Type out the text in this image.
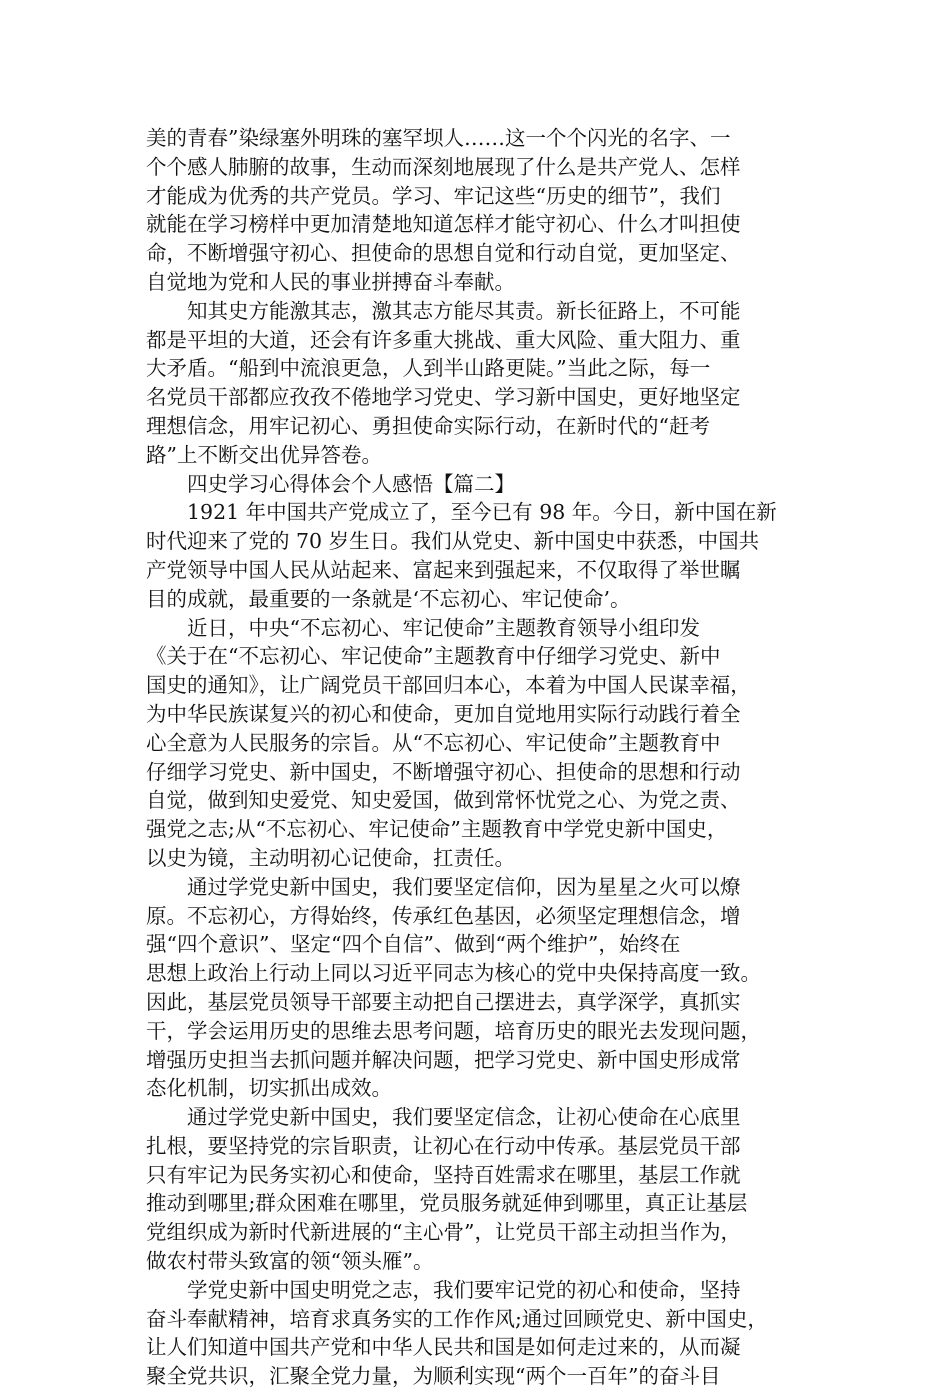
美的青春”染绿塞外明珠的塞罕坝人……这一个个闪光的名字、一
个个感人肺腑的故事，生动而深刻地展现了什么是共产党人、怎样
才能成为优秀的共产党员。学习、牢记这些“历史的细节”，我们
就能在学习榜样中更加清楚地知道怎样才能守初心、什么才叫担使
命，不断增强守初心、担使命的思想自觉和行动自觉，更加坚定、
自觉地为党和人民的事业拼搏奋斗奉献。
　　知其史方能激其志，激其志方能尽其责。新长征路上，不可能
都是平坦的大道，还会有许多重大挑战、重大风险、重大阻力、重
大矛盾。“船到中流浪更急，人到半山路更陡。”当此之际，每一
名党员干部都应孜孜不倦地学习党史、学习新中国史，更好地坚定
理想信念，用牢记初心、勇担使命实际行动，在新时代的“赶考
路”上不断交出优异答卷。
　　四史学习心得体会个人感悟【篇二】
　　1921 年中国共产党成立了，至今已有 98 年。今日，新中国在新
时代迎来了党的 70 岁生日。我们从党史、新中国史中获悉，中国共
产党领导中国人民从站起来、富起来到强起来，不仅取得了举世瞩
目的成就，最重要的一条就是‘不忘初心、牢记使命’。
　　近日，中央“不忘初心、牢记使命”主题教育领导小组印发
《关于在“不忘初心、牢记使命”主题教育中仔细学习党史、新中
国史的通知》，让广阔党员干部回归本心，本着为中国人民谋幸福，
为中华民族谋复兴的初心和使命，更加自觉地用实际行动践行着全
心全意为人民服务的宗旨。从“不忘初心、牢记使命”主题教育中
仔细学习党史、新中国史，不断增强守初心、担使命的思想和行动
自觉，做到知史爱党、知史爱国，做到常怀忧党之心、为党之责、
强党之志;从“不忘初心、牢记使命”主题教育中学党史新中国史，
以史为镜，主动明初心记使命，扛责任。
　　通过学党史新中国史，我们要坚定信仰，因为星星之火可以燎
原。不忘初心，方得始终，传承红色基因，必须坚定理想信念，增
强“四个意识”、坚定“四个自信”、做到“两个维护”，始终在
思想上政治上行动上同以习近平同志为核心的党中央保持高度一致。
因此，基层党员领导干部要主动把自己摆进去，真学深学，真抓实
干，学会运用历史的思维去思考问题，培育历史的眼光去发现问题，
增强历史担当去抓问题并解决问题，把学习党史、新中国史形成常
态化机制，切实抓出成效。
　　通过学党史新中国史，我们要坚定信念，让初心使命在心底里
扎根，要坚持党的宗旨职责，让初心在行动中传承。基层党员干部
只有牢记为民务实初心和使命，坚持百姓需求在哪里，基层工作就
推动到哪里;群众困难在哪里，党员服务就延伸到哪里，真正让基层
党组织成为新时代新进展的“主心骨”，让党员干部主动担当作为，
做农村带头致富的领“领头雁”。
　　学党史新中国史明党之志，我们要牢记党的初心和使命，坚持
奋斗奉献精神，培育求真务实的工作作风;通过回顾党史、新中国史，
让人们知道中国共产党和中华人民共和国是如何走过来的，从而凝
聚全党共识，汇聚全党力量，为顺利实现“两个一百年”的奋斗目
